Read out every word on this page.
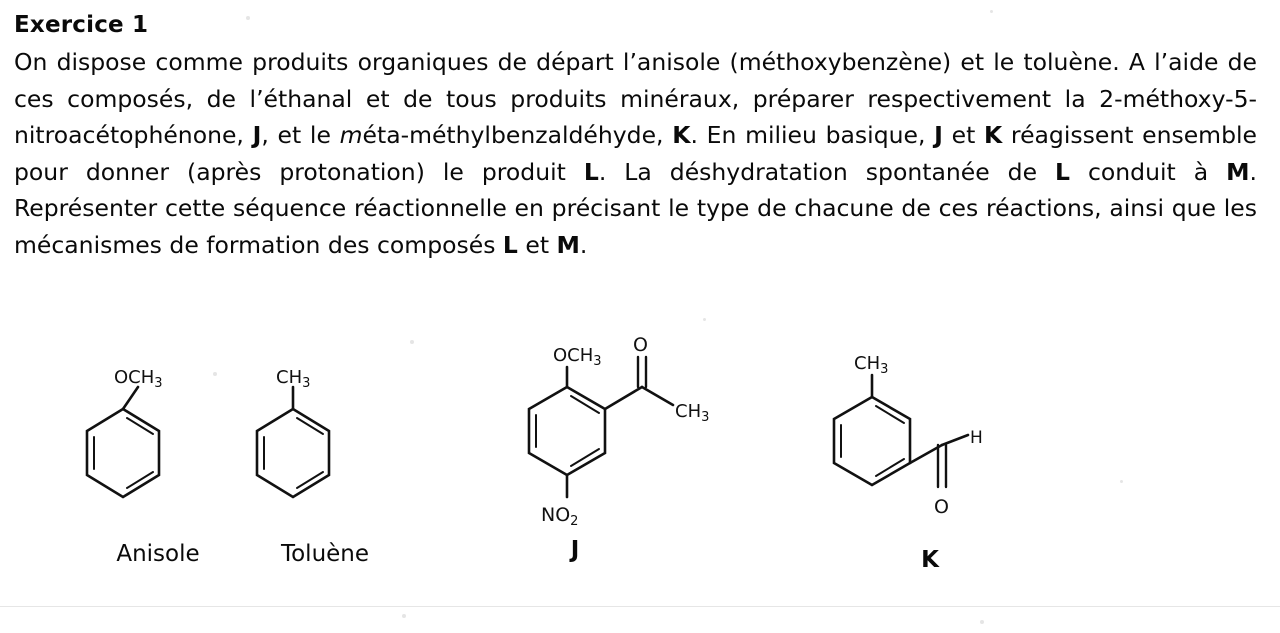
Exercice 1
On dispose comme produits organiques de départ l’anisole (méthoxybenzène) et le toluène. A l’aide de ces composés, de l’éthanal et de tous produits minéraux, préparer respectivement la 2-méthoxy-5-nitroacétophénone, J, et le méta-méthylbenzaldéhyde, K. En milieu basique, J et K réagissent ensemble pour donner (après protonation) le produit L. La déshydratation spontanée de L conduit à M. Représenter cette séquence réactionnelle en précisant le type de chacune de ces réactions, ainsi que les mécanismes de formation des composés L et M.
$OCH_3$
Anisole
$CH_3$
Toluène
$OCH_3$
O
$CH_3$
$NO_2$
J
$CH_3$
H
O
K
